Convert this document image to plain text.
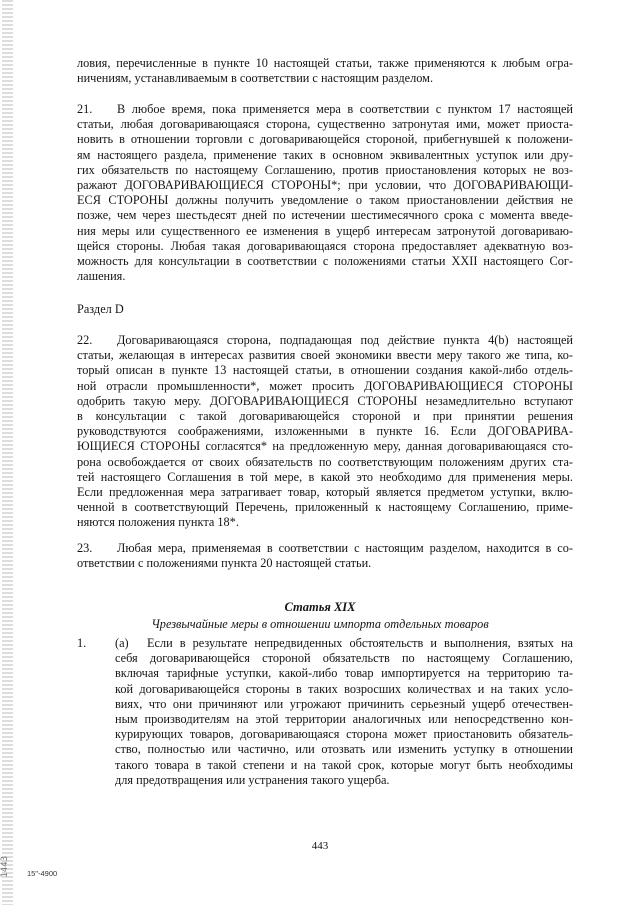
1443
ловия, перечисленные в пункте 10 настоящей статьи, также применяются к любым огра-
ничениям, устанавливаемым в соответствии с настоящим разделом.
21. В любое время, пока применяется мера в соответствии с пунктом 17 настоящей
статьи, любая договаривающаяся сторона, существенно затронутая ими, может приоста-
новить в отношении торговли с договаривающейся стороной, прибегнувшей к положени-
ям настоящего раздела, применение таких в основном эквивалентных уступок или дру-
гих обязательств по настоящему Соглашению, против приостановления которых не воз-
ражают ДОГОВАРИВАЮЩИЕСЯ СТОРОНЫ*; при условии, что ДОГОВАРИВАЮЩИ-
ЕСЯ СТОРОНЫ должны получить уведомление о таком приостановлении действия не
позже, чем через шестьдесят дней по истечении шестимесячного срока с момента введе-
ния меры или существенного ее изменения в ущерб интересам затронутой договариваю-
щейся стороны. Любая такая договаривающаяся сторона предоставляет адекватную воз-
можность для консультации в соответствии с положениями статьи XXII настоящего Сог-
лашения.
Раздел D
22. Договаривающаяся сторона, подпадающая под действие пункта 4(b) настоящей
статьи, желающая в интересах развития своей экономики ввести меру такого же типа, ко-
торый описан в пункте 13 настоящей статьи, в отношении создания какой-либо отдель-
ной отрасли промышленности*, может просить ДОГОВАРИВАЮЩИЕСЯ СТОРОНЫ
одобрить такую меру. ДОГОВАРИВАЮЩИЕСЯ СТОРОНЫ незамедлительно вступают
в консультации с такой договаривающейся стороной и при принятии решения
руководствуются соображениями, изложенными в пункте 16. Если ДОГОВАРИВА-
ЮЩИЕСЯ СТОРОНЫ согласятся* на предложенную меру, данная договаривающаяся сто-
рона освобождается от своих обязательств по соответствующим положениям других ста-
тей настоящего Соглашения в той мере, в какой это необходимо для применения меры.
Если предложенная мера затрагивает товар, который является предметом уступки, вклю-
ченной в соответствующий Перечень, приложенный к настоящему Соглашению, приме-
няются положения пункта 18*.
23. Любая мера, применяемая в соответствии с настоящим разделом, находится в со-
ответствии с положениями пункта 20 настоящей статьи.
Статья XIX
Чрезвычайные меры в отношении импорта отдельных товаров
1. (a)	Если в результате непредвиденных обстоятельств и выполнения, взятых на
себя договаривающейся стороной обязательств по настоящему Соглашению,
включая тарифные уступки, какой-либо товар импортируется на территорию та-
кой договаривающейся стороны в таких возросших количествах и на таких усло-
виях, что они причиняют или угрожают причинить серьезный ущерб отечествен-
ным производителям на этой территории аналогичных или непосредственно кон-
курирующих товаров, договаривающаяся сторона может приостановить обязатель-
ство, полностью или частично, или отозвать или изменить уступку в отношении
такого товара в такой степени и на такой срок, которые могут быть необходимы
для предотвращения или устранения такого ущерба.
443
15"-4900
